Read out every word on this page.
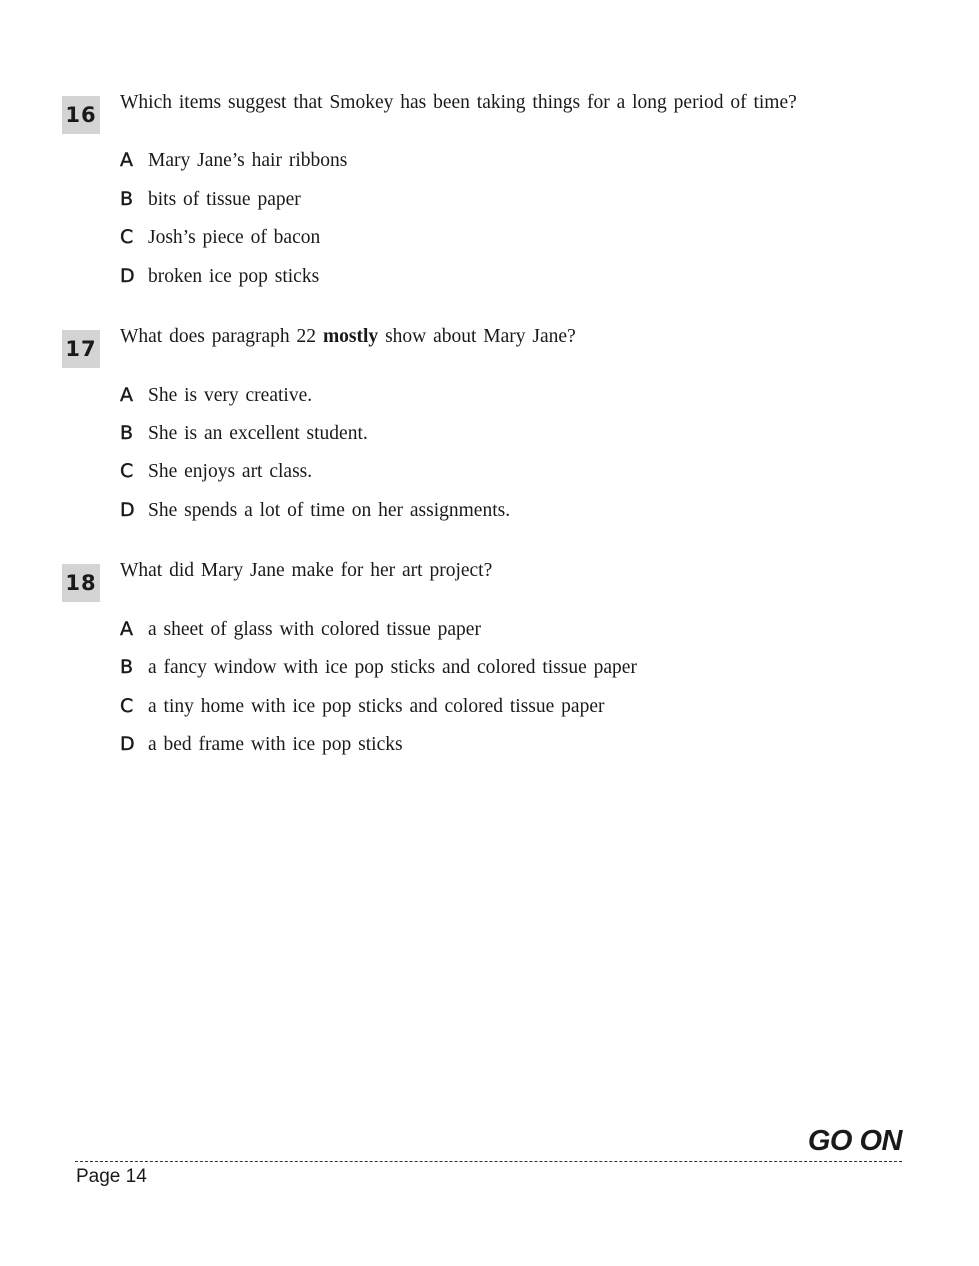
16
Which items suggest that Smokey has been taking things for a long period of time?
A Mary Jane’s hair ribbons
B bits of tissue paper
C Josh’s piece of bacon
D broken ice pop sticks
17
What does paragraph 22 mostly show about Mary Jane?
A She is very creative.
B She is an excellent student.
C She enjoys art class.
D She spends a lot of time on her assignments.
18
What did Mary Jane make for her art project?
A a sheet of glass with colored tissue paper
B a fancy window with ice pop sticks and colored tissue paper
C a tiny home with ice pop sticks and colored tissue paper
D a bed frame with ice pop sticks
GO ON
Page 14
